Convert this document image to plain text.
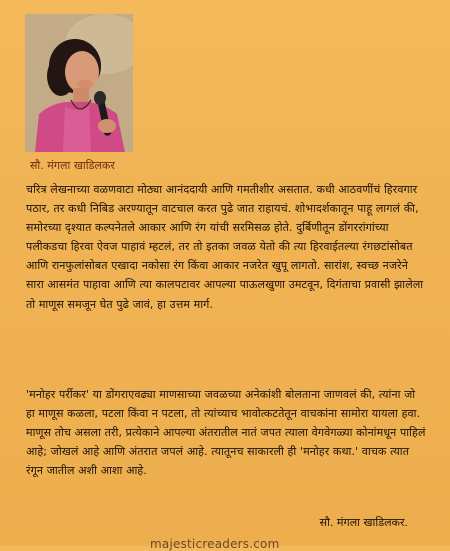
सौ. मंगला खाडिलकर

चरित्र लेखनाच्या वळणवाटा मोठ्या आनंददायी आणि गमतीशीर असतात. कधी आठवणींचं हिरवगार पठार, तर कधी निबिड अरण्यातून वाटचाल करत पुढे जात राहायचं. शोभादर्शकातून पाहू लागलं की, समोरच्या दृश्यात कल्पनेतले आकार आणि रंग यांची सरमिसळ होते. दुर्बिणीतून डोंगररांगांच्या पलीकडचा हिरवा ऐवज पाहावं म्हटलं, तर तो इतका जवळ येतो की त्या हिरवाईतल्या रंगछटांसोबत आणि रानफुलांसोबत एखादा नकोसा रंग किंवा आकार नजरेत खुपू लागतो. सारांश, स्वच्छ नजरेने सारा आसमंत पाहावा आणि त्या कालपटावर आपल्या पाऊलखुणा उमटवून, दिगंताचा प्रवासी झालेला तो माणूस समजून घेत पुढे जावं, हा उत्तम मार्ग.

'मनोहर पर्रीकर' या डोंगराएवढ्या माणसाच्या जवळच्या अनेकांशी बोलताना जाणवलं की, त्यांना जो हा माणूस कळला, पटला किंवा न पटला, तो त्यांच्याच भावोत्कटतेतून वाचकांना सामोरा यायला हवा. माणूस तोच असला तरी, प्रत्येकाने आपल्या अंतरातील नातं जपत त्याला वेगवेगळ्या कोनांमधून पाहिलं आहे; जोखलं आहे आणि अंतरात जपलं आहे. त्यातूनच साकारली ही 'मनोहर कथा.' वाचक त्यात रंगून जातील अशी आशा आहे.

सौ. मंगला खाडिलकर.
majesticreaders.com
